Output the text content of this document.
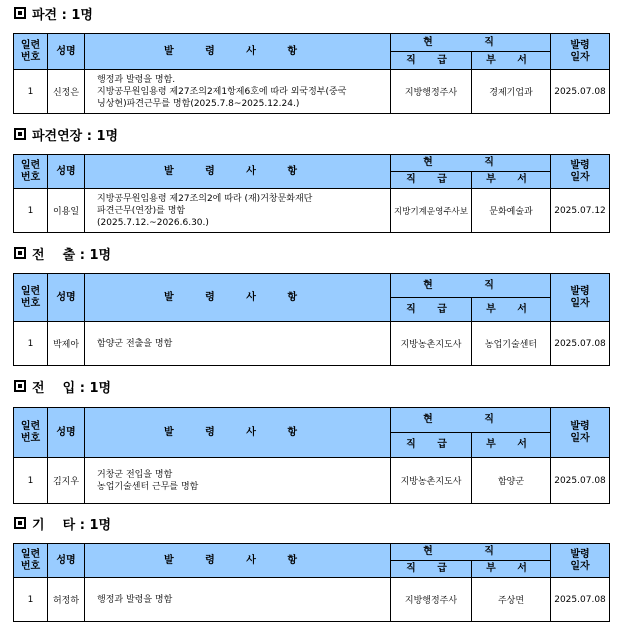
파견 : 1명
일련
번호	성명	발 령 사 항	현 직		발령
일자
			직 급	부 서	
1	신정은	행정과 발령을 명함.
지방공무원임용령 제27조의2제1항제6호에 따라 외국정부(중국
닝상현)파견근무를 명함(2025.7.8~2025.12.24.)	지방행정주사	경제기업과	2025.07.08
파견연장 : 1명
일련
번호	성명	발 령 사 항	현 직		발령
일자
			직 급	부 서	
1	이용일	지방공무원임용령 제27조의2에 따라 (재)거창문화재단
파견근무(연장)를 명함
(2025.7.12.~2026.6.30.)	지방기계운영주사보	문화예술과	2025.07.12
전    출 : 1명
일련
번호	성명	발 령 사 항	현 직		발령
일자
			직 급	부 서	
1	박제아	함양군 전출을 명함	지방농촌지도사	농업기술센터	2025.07.08
전    입 : 1명
일련
번호	성명	발 령 사 항	현 직		발령
일자
			직 급	부 서	
1	김지우	거창군 전입을 명함
농업기술센터 근무를 명함	지방농촌지도사	함양군	2025.07.08
기    타 : 1명
일련
번호	성명	발 령 사 항	현 직		발령
일자
			직 급	부 서	
1	허정하	행정과 발령을 명함	지방행정주사	주상면	2025.07.08
